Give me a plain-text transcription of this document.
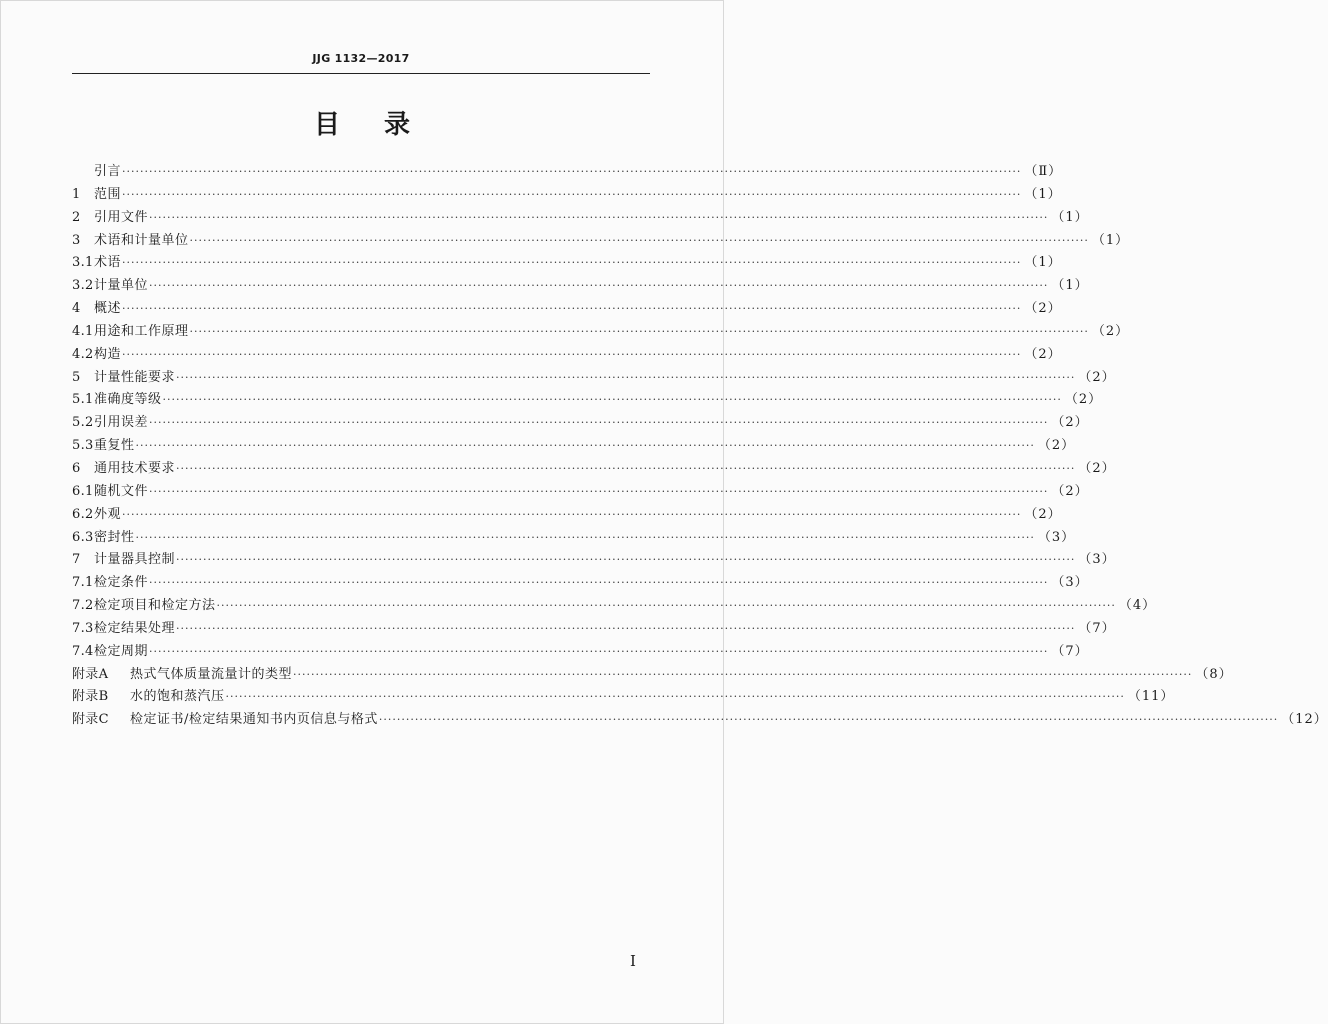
JJG 1132—2017
目录
引言 ········································································································································································································ （Ⅱ）
1 范围 ········································································································································································································ （1）
2 引用文件 ········································································································································································································ （1）
3 术语和计量单位 ········································································································································································································ （1）
3.1术语 ········································································································································································································ （1）
3.2计量单位 ········································································································································································································ （1）
4 概述 ········································································································································································································ （2）
4.1用途和工作原理 ········································································································································································································ （2）
4.2构造 ········································································································································································································ （2）
5 计量性能要求 ········································································································································································································ （2）
5.1准确度等级 ········································································································································································································ （2）
5.2引用误差 ········································································································································································································ （2）
5.3重复性 ········································································································································································································ （2）
6 通用技术要求 ········································································································································································································ （2）
6.1随机文件 ········································································································································································································ （2）
6.2外观 ········································································································································································································ （2）
6.3密封性 ········································································································································································································ （3）
7 计量器具控制 ········································································································································································································ （3）
7.1检定条件 ········································································································································································································ （3）
7.2检定项目和检定方法 ········································································································································································································ （4）
7.3检定结果处理 ········································································································································································································ （7）
7.4检定周期 ········································································································································································································ （7）
附录A 热式气体质量流量计的类型 ········································································································································································································ （8）
附录B 水的饱和蒸汽压 ········································································································································································································ （11）
附录C 检定证书/检定结果通知书内页信息与格式 ········································································································································································································ （12）
I
